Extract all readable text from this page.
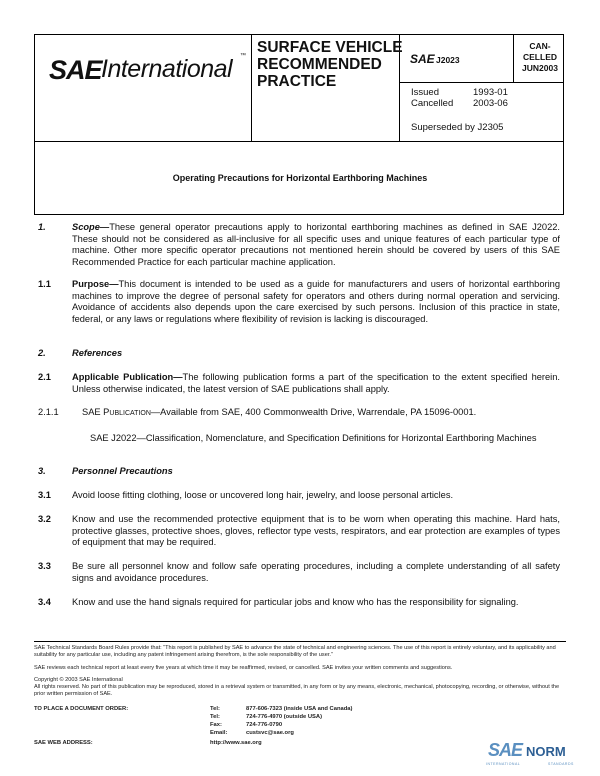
SAE International ™ SURFACE VEHICLE RECOMMENDED PRACTICE
SAE J2023
CAN-
CELLED
JUN2003
Issued	1993-01
Cancelled 2003-06
Superseded by J2305
Operating Precautions for Horizontal Earthboring Machines
1.	Scope—These general operator precautions apply to horizontal earthboring machines as defined in SAE J2022. These should not be considered as all-inclusive for all specific uses and unique features of each particular type of machine. Other more specific operator precautions not mentioned herein should be covered by users of this SAE Recommended Practice for each particular machine application.
1.1 Purpose—This document is intended to be used as a guide for manufacturers and users of horizontal earthboring machines to improve the degree of personal safety for operators and others during normal operation and servicing. Avoidance of accidents also depends upon the care exercised by such persons. Inclusion of this practice in state, federal, or any laws or regulations where flexibility of revision is lacking is discouraged.
2.	References
2.1 Applicable Publication—The following publication forms a part of the specification to the extent specified herein. Unless otherwise indicated, the latest version of SAE publications shall apply.
2.1.1	SAE Publication—Available from SAE, 400 Commonwealth Drive, Warrendale, PA 15096-0001.
SAE J2022—Classification, Nomenclature, and Specification Definitions for Horizontal Earthboring Machines
3.	Personnel Precautions
3.1 Avoid loose fitting clothing, loose or uncovered long hair, jewelry, and loose personal articles.
3.2 Know and use the recommended protective equipment that is to be worn when operating this machine. Hard hats, protective glasses, protective shoes, gloves, reflector type vests, respirators, and ear protection are examples of types of equipment that may be required.
3.3 Be sure all personnel know and follow safe operating procedures, including a complete understanding of all safety signs and avoidance procedures.
3.4 Know and use the hand signals required for particular jobs and know who has the responsibility for signaling.
SAE Technical Standards Board Rules provide that: “This report is published by SAE to advance the state of technical and engineering sciences. The use of this report is entirely voluntary, and its applicability and suitability for any particular use, including any patent infringement arising therefrom, is the sole responsibility of the user.”
SAE reviews each technical report at least every five years at which time it may be reaffirmed, revised, or cancelled. SAE invites your written comments and suggestions.
Copyright © 2003 SAE International
All rights reserved. No part of this publication may be reproduced, stored in a retrieval system or transmitted, in any form or by any means, electronic, mechanical, photocopying, recording, or otherwise, without the prior written permission of SAE.
TO PLACE A DOCUMENT ORDER:	Tel:	877-606-7323 (inside USA and Canada)
Tel:	724-776-4970 (outside USA)
Fax:	724-776-0790
Email:	custsvc@sae.org
SAE WEB ADDRESS:	http://www.sae.org	SAE NORM
INTERNATIONAL	STANDARDS
